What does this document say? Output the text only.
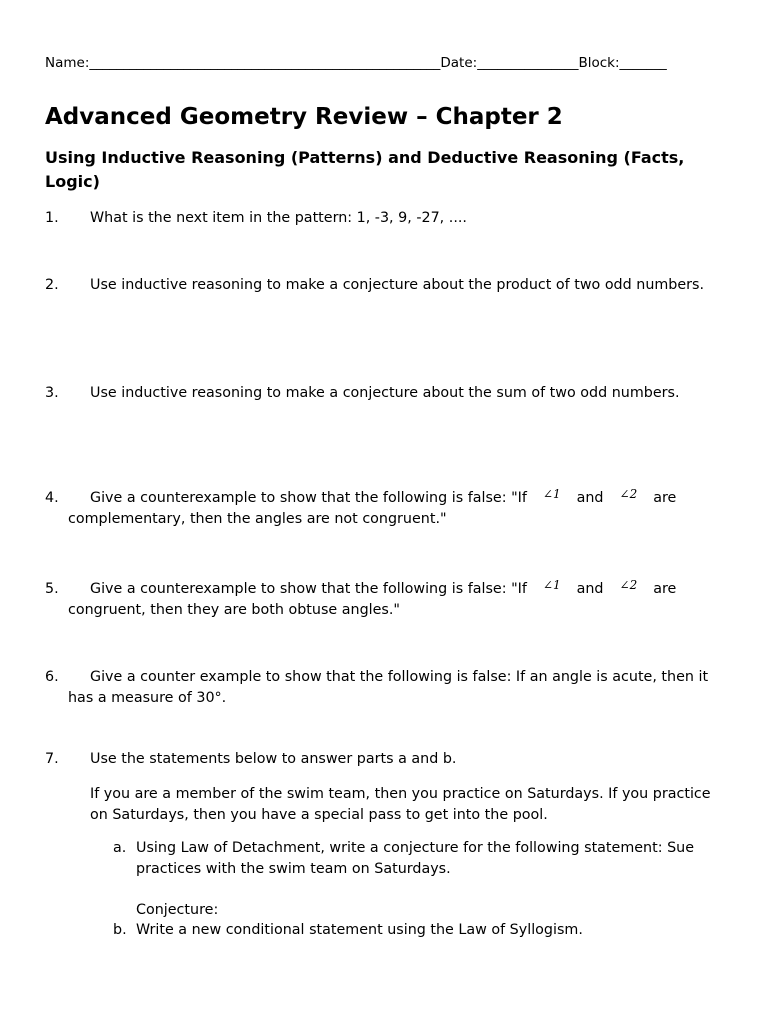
Name:____________________________________________________Date:_______________Block:_______
Advanced Geometry Review – Chapter 2
Using Inductive Reasoning (Patterns) and Deductive Reasoning (Facts, Logic)
1.	What is the next item in the pattern: 1, -3, 9, -27, ....
2.	Use inductive reasoning to make a conjecture about the product of two odd numbers.
3.	Use inductive reasoning to make a conjecture about the sum of two odd numbers.
4.	Give a counterexample to show that the following is false: "If $^{\angle 1}$ and $^{\angle 2}$ are complementary, then the angles are not congruent."
5.	Give a counterexample to show that the following is false: "If $^{\angle 1}$ and $^{\angle 2}$ are congruent, then they are both obtuse angles."
6.	Give a counter example to show that the following is false: If an angle is acute, then it has a measure of 30°.
7.	Use the statements below to answer parts a and b.
If you are a member of the swim team, then you practice on Saturdays. If you practice on Saturdays, then you have a special pass to get into the pool.
a. Using Law of Detachment, write a conjecture for the following statement: Sue practices with the swim team on Saturdays.
Conjecture:
b. Write a new conditional statement using the Law of Syllogism.
